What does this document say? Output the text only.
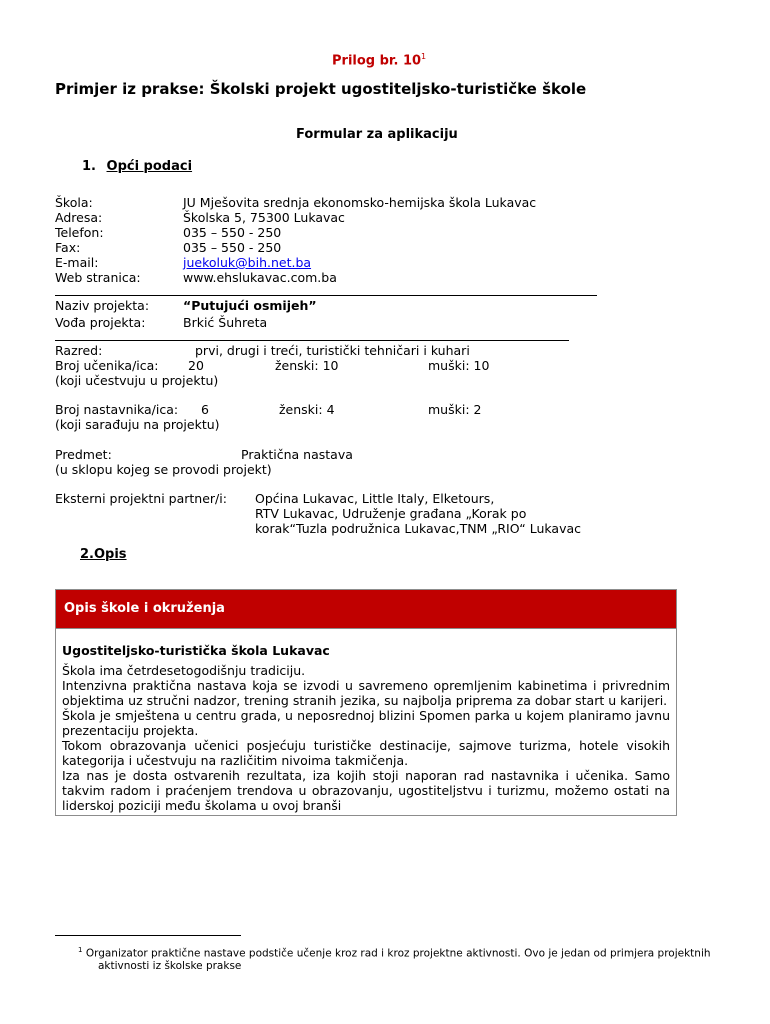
Prilog br. $10^1$
Primjer iz prakse: Školski projekt ugostiteljsko-turističke škole
Formular za aplikaciju
1. Opći podaci
Škola:	JU Mješovita srednja ekonomsko-hemijska škola Lukavac
Adresa:	Školska 5, 75300 Lukavac
Telefon:	035 – 550 - 250
Fax:	035 – 550 - 250
E-mail:	juekoluk@bih.net.ba
Web stranica:	www.ehslukavac.com.ba
Naziv projekta:	“Putujući osmijeh”
Vođa projekta:	Brkić Šuhreta
Razred:	prvi, drugi i treći, turistički tehničari i kuhari
Broj učenika/ica: 20	ženski: 10	muški: 10
(koji učestvuju u projektu)
Broj nastavnika/ica: 6	ženski: 4	muški: 2
(koji sarađuju na projektu)
Predmet:	Praktična nastava
(u sklopu kojeg se provodi projekt)
Eksterni projektni partner/i: Općina Lukavac, Little Italy, Elketours,
RTV Lukavac, Udruženje građana „Korak po
korak“Tuzla podružnica Lukavac,TNM „RIO“ Lukavac
2.Opis
Opis škole i okruženja

Ugostiteljsko-turistička škola Lukavac

Škola ima četrdesetogodišnju tradiciju.

Intenzivna praktična nastava koja se izvodi u savremeno opremljenim kabinetima i privrednim objektima uz stručni nadzor, trening stranih jezika, su najbolja priprema za dobar start u karijeri.

Škola je smještena u centru grada, u neposrednoj blizini Spomen parka u kojem planiramo javnu prezentaciju projekta.

Tokom obrazovanja učenici posjećuju turističke destinacije, sajmove turizma, hotele visokih kategorija i učestvuju na različitim nivoima takmičenja.

Iza nas je dosta ostvarenih rezultata, iza kojih stoji naporan rad nastavnika i učenika. Samo takvim radom i praćenjem trendova u obrazovanju, ugostiteljstvu i turizmu, možemo ostati na liderskoj poziciji među školama u ovoj branši

$^1$ Organizator praktične nastave podstiče učenje kroz rad i kroz projektne aktivnosti. Ovo je jedan od primjera projektnih
aktivnosti iz školske prakse
